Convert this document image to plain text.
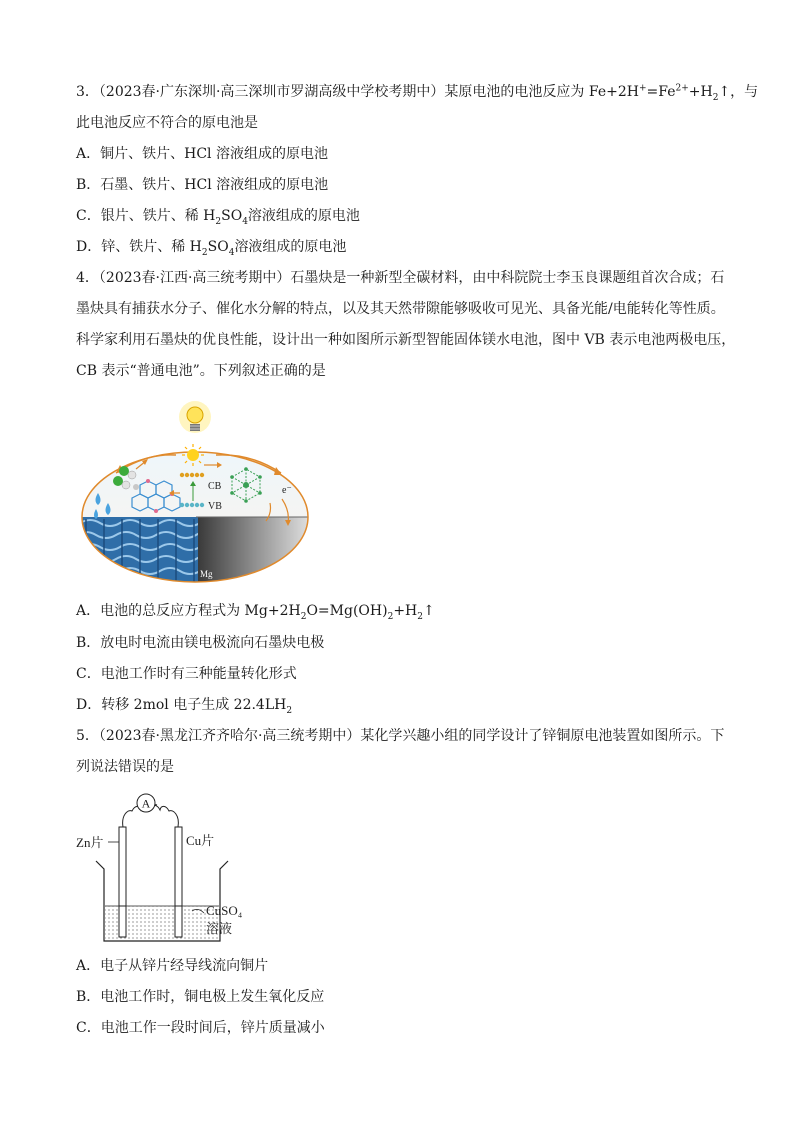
3．（2023春·广东深圳·高三深圳市罗湖高级中学校考期中）某原电池的电池反应为 $Fe+2H^+=Fe^{2+}+H_2↑$，与
此电池反应不符合的原电池是
A．铜片、铁片、HCl 溶液组成的原电池
B．石墨、铁片、HCl 溶液组成的原电池
C．银片、铁片、稀 $H_2SO_4$溶液组成的原电池
D．锌、铁片、稀 $H_2SO_4$溶液组成的原电池
4．（2023春·江西·高三统考期中）石墨炔是一种新型全碳材料，由中科院院士李玉良课题组首次合成；石
墨炔具有捕获水分子、催化水分解的特点，以及其天然带隙能够吸收可见光、具备光能/电能转化等性质。
科学家利用石墨炔的优良性能，设计出一种如图所示新型智能固体镁水电池，图中 VB 表示电池两极电压，
CB 表示“普通电池”。下列叙述正确的是
CB
VB
e⁻
Mg
A．电池的总反应方程式为 $Mg+2H_2O=Mg(OH)_2+H_2↑$
B．放电时电流由镁电极流向石墨炔电极
C．电池工作时有三种能量转化形式
D．转移 2mol 电子生成 $22.4LH_2$
5．（2023春·黑龙江齐齐哈尔·高三统考期中）某化学兴趣小组的同学设计了锌铜原电池装置如图所示。下
列说法错误的是
A
Zn片	Cu片
CuSO₄
溶液
A．电子从锌片经导线流向铜片
B．电池工作时，铜电极上发生氧化反应
C．电池工作一段时间后，锌片质量减小
